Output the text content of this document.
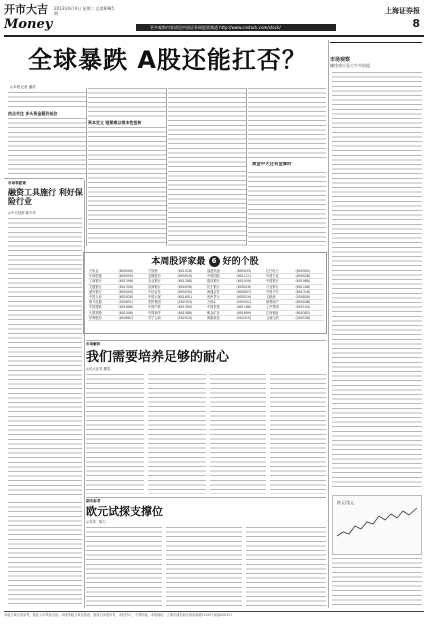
开市大吉
Money
2013年6月4日 星期二 总第6985期	上海证券报
8
更多观察内容请见中国证券网股票频道 http://www.cnstock.com/stock/
全球暴跌 A股还能扛否？
◎本报记者 潘洪
热点关注 多头资金疑仍低位
资本定义 短期难以根本性扭转
黄金中天还有金牌时
市场观察
赚钱效应是大牛市前提
市场零距离
融资工具施行 利好保险行业
◎中大投资 陈平华
本周股评家最 6 好的个股
万家金	(600000)	宁波港	(601018)	福建高速	(600033)	长江电力	(600900)
中国联通	(600050)	宝钢股份	(600019)	中国国航	(601111)	中国石化	(600028)
工商银行	(601398)	农业银行	(601288)	建设银行	(601939)	中国银行	(601988)
交通银行	(601328)	招商银行	(600036)	民生银行	(600016)	兴业银行	(601166)
浦发银行	(600000)	中信证券	(600030)	海通证券	(600837)	中国平安	(601318)
中国人寿	(601628)	中国太保	(601601)	贵州茅台	(600519)	五粮液	(000858)
格力电器	(000651)	美的集团	(000333)	万科A	(000002)	保利地产	(600048)
中国建筑	(601668)	中国中铁	(601390)	中国铁建	(601186)	上汽集团	(600104)
大秦铁路	(601006)	中国神华	(601088)	紫金矿业	(601899)	江西铜业	(600362)
伊利股份	(600887)	苏宁云商	(002024)	海康威视	(002415)	云南白药	(000538)
市场解析
我们需要培养足够的耐心
◎光大证券 滕泰
期市参考
欧元试探支撑位
◎安邦 · 陈力
欧元/美元
本版文章仅供参考，据此入市风险自担。本版所载文章及图表，版权归本报所有，未经许可，不得转载。本报地址：上海市浦东新区杨高南路1100号 邮编200127
